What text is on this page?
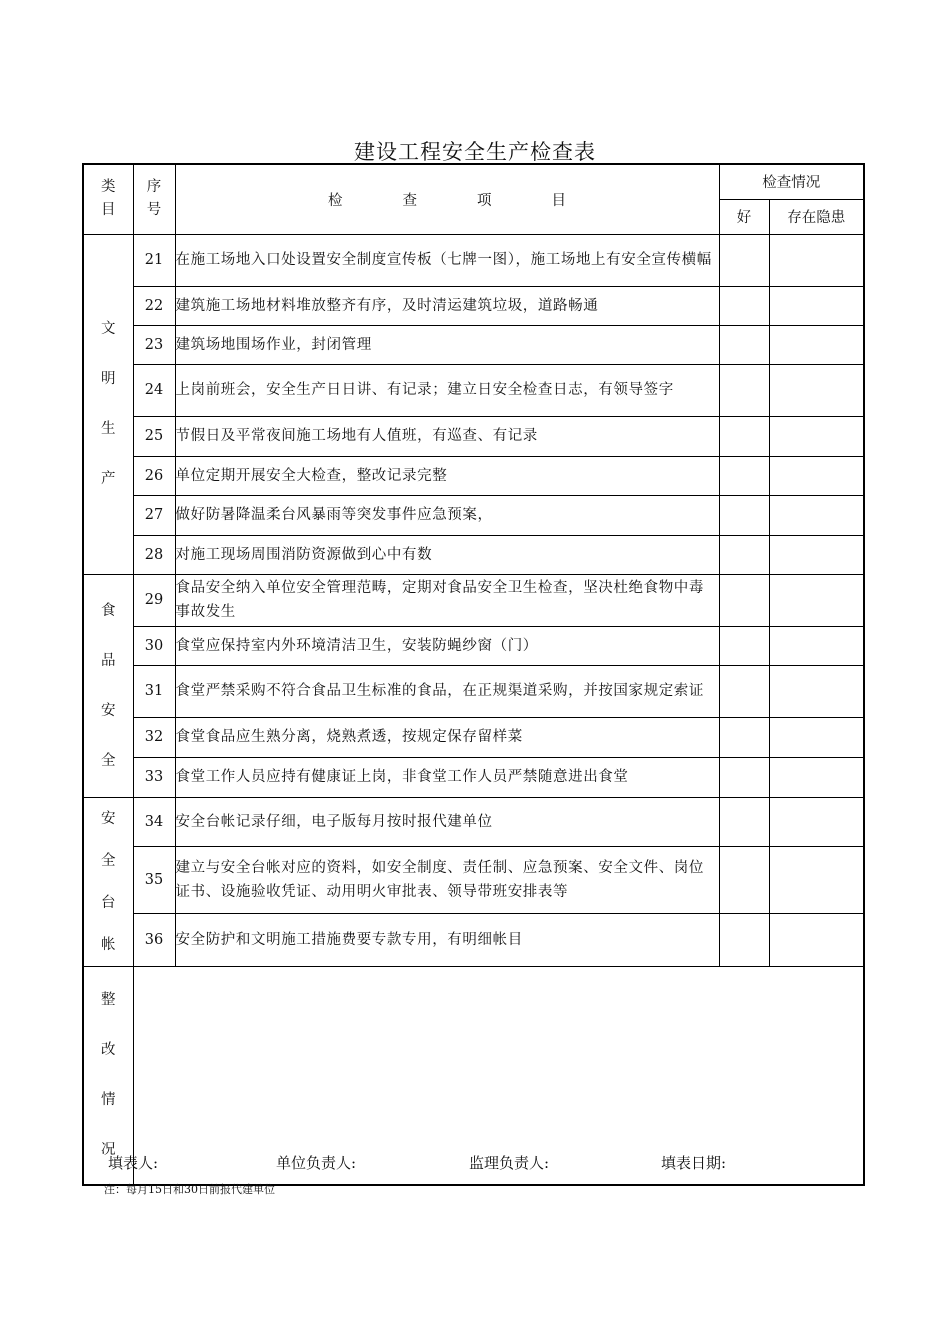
建设工程安全生产检查表
类
目	序
号	检 查 项 目	检查情况	
			好	存在隐患

文
明
生
产	21	在施工场地入口处设置安全制度宣传板（七牌一图），施工场地上有安全宣传横幅		
	22	建筑施工场地材料堆放整齐有序，及时清运建筑垃圾，道路畅通		
	23	建筑场地围场作业，封闭管理		
	24	上岗前班会，安全生产日日讲、有记录；建立日安全检查日志，有领导签字		
	25	节假日及平常夜间施工场地有人值班，有巡查、有记录		
	26	单位定期开展安全大检查，整改记录完整		
	27	做好防暑降温柔台风暴雨等突发事件应急预案，		
	28	对施工现场周围消防资源做到心中有数		

食
品
安
全	29	食品安全纳入单位安全管理范畴，定期对食品安全卫生检查，坚决杜绝食物中毒事故发生		
	30	食堂应保持室内外环境清洁卫生，安装防蝇纱窗（门）		
	31	食堂严禁采购不符合食品卫生标准的食品，在正规渠道采购，并按国家规定索证		
	32	食堂食品应生熟分离，烧熟煮透，按规定保存留样菜		
	33	食堂工作人员应持有健康证上岗，非食堂工作人员严禁随意进出食堂		

安
全
台
帐	34	安全台帐记录仔细，电子版每月按时报代建单位		
	35	建立与安全台帐对应的资料，如安全制度、责任制、应急预案、安全文件、岗位证书、设施验收凭证、动用明火审批表、领导带班安排表等		
	36	安全防护和文明施工措施费要专款专用，有明细帐目		

整
改
情
况				

填表人:	单位负责人:	监理负责人:	填表日期:
注：每月15日和30日前报代建单位
